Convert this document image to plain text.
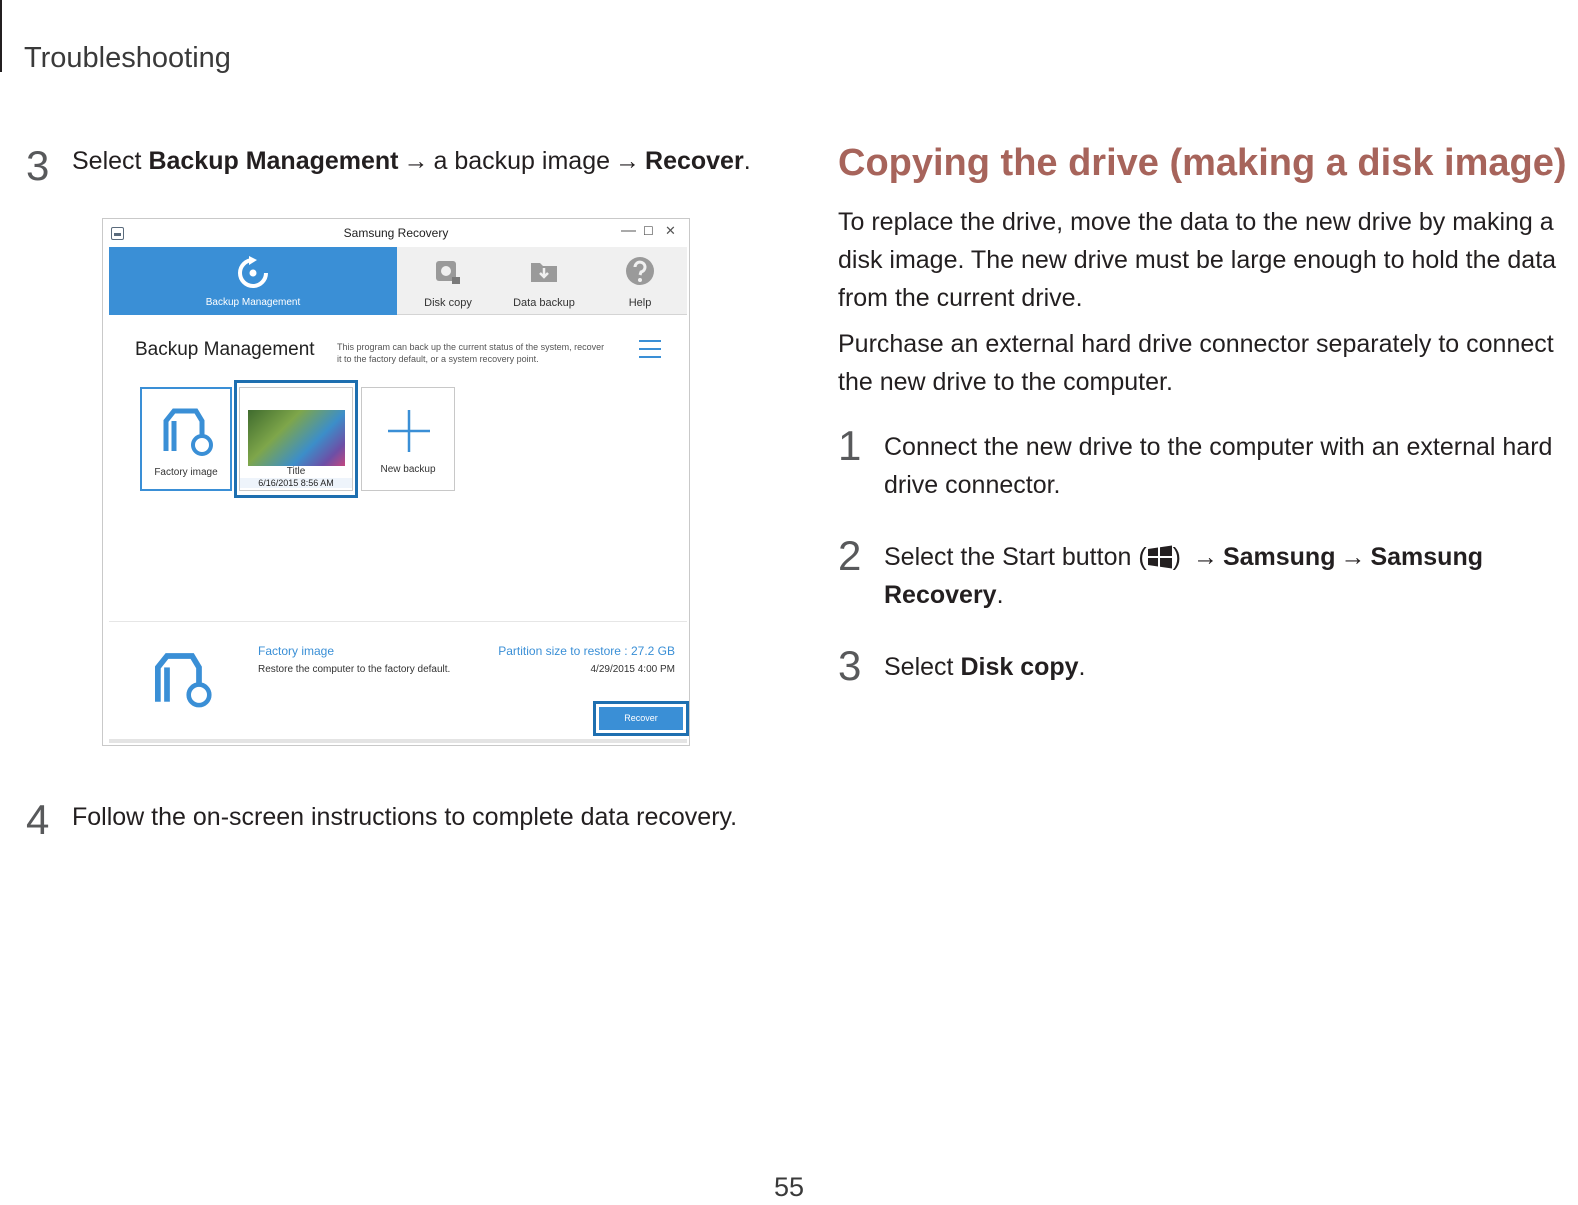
Troubleshooting
3 Select Backup Management → a backup image → Recover.
Samsung Recovery	— ☐ ✕
Backup Management	Disk copy	Data backup	Help
Backup Management This program can back up the current status of the system, recover it to the factory default, or a system recovery point.
Factory image	Title
6/16/2015 8:56 AM
New backup
Factory image
Restore the computer to the factory default.
Partition size to restore : 27.2 GB
4/29/2015 4:00 PM
Recover
4 Follow the on-screen instructions to complete data recovery.
Copying the drive (making a disk image)
To replace the drive, move the data to the new drive by making a disk image. The new drive must be large enough to hold the data from the current drive.
Purchase an external hard drive connector separately to connect the new drive to the computer.
1 Connect the new drive to the computer with an external hard drive connector.
2 Select the Start button ( ) → Samsung → Samsung Recovery.
3 Select Disk copy.
55
